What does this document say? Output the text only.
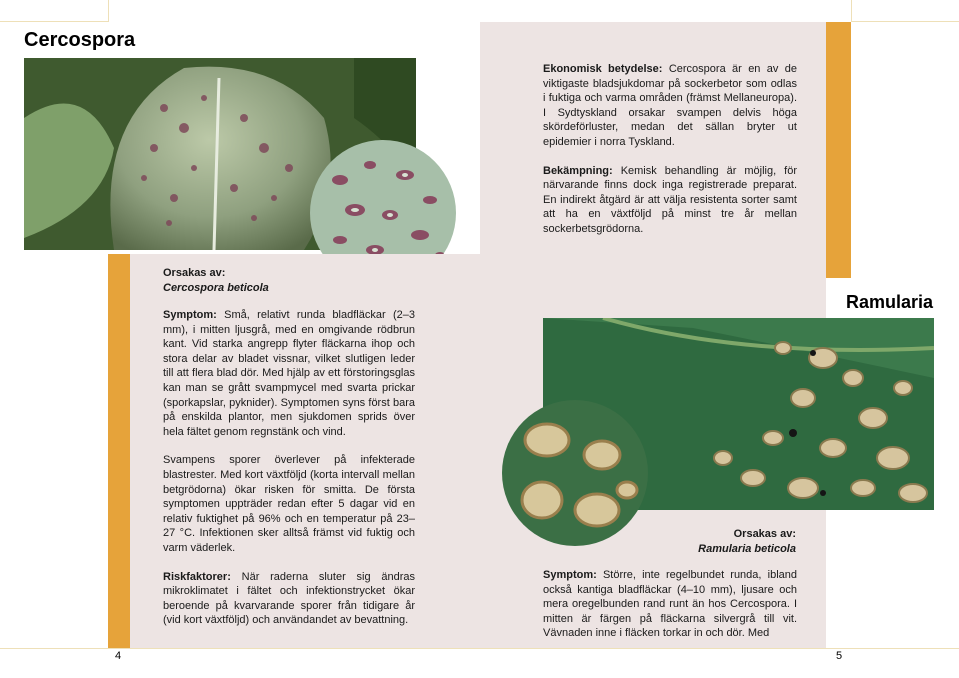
Cercospora
Orsakas av:
Cercospora beticola

Symptom: Små, relativt runda bladfläckar (2–3 mm), i mitten ljusgrå, med en omgivande rödbrun kant. Vid starka angrepp flyter fläckarna ihop och stora delar av bladet vissnar, vilket slutligen leder till att flera blad dör. Med hjälp av ett förstoringsglas kan man se grått svampmycel med svarta prickar (sporkapslar, pyknider). Symptomen syns först bara på enskilda plantor, men sjukdomen sprids över hela fältet genom regnstänk och vind.

Svampens sporer överlever på infekterade blastrester. Med kort växtföljd (korta intervall mellan betgrödorna) ökar risken för smitta. De första symptomen uppträder redan efter 5 dagar vid en relativ fuktighet på 96% och en temperatur på 23–27 °C. Infektionen sker alltså främst vid fuktig och varm väderlek.

Riskfaktorer: När raderna sluter sig ändras mikroklimatet i fältet och infektionstrycket ökar beroende på kvarvarande sporer från tidigare år (vid kort växtföljd) och användandet av bevattning.

4

Ekonomisk betydelse: Cercospora är en av de viktigaste bladsjukdomar på sockerbetor som odlas i fuktiga och varma områden (främst Mellaneuropa). I Sydtyskland orsakar svampen delvis höga skördeförluster, medan det sällan bryter ut epidemier i norra Tyskland.

Bekämpning: Kemisk behandling är möjlig, för närvarande finns dock inga registrerade preparat. En indirekt åtgärd är att välja resistenta sorter samt att ha en växtföljd på minst tre år mellan sockerbetsgrödorna.

Ramularia
Orsakas av:
Ramularia beticola
Symptom: Större, inte regelbundet runda, ibland också kantiga bladfläckar (4–10 mm), ljusare och mera oregelbunden rand runt än hos Cercospora. I mitten är färgen på fläckarna silvergrå till vit. Vävnaden inne i fläcken torkar in och dör. Med
5
